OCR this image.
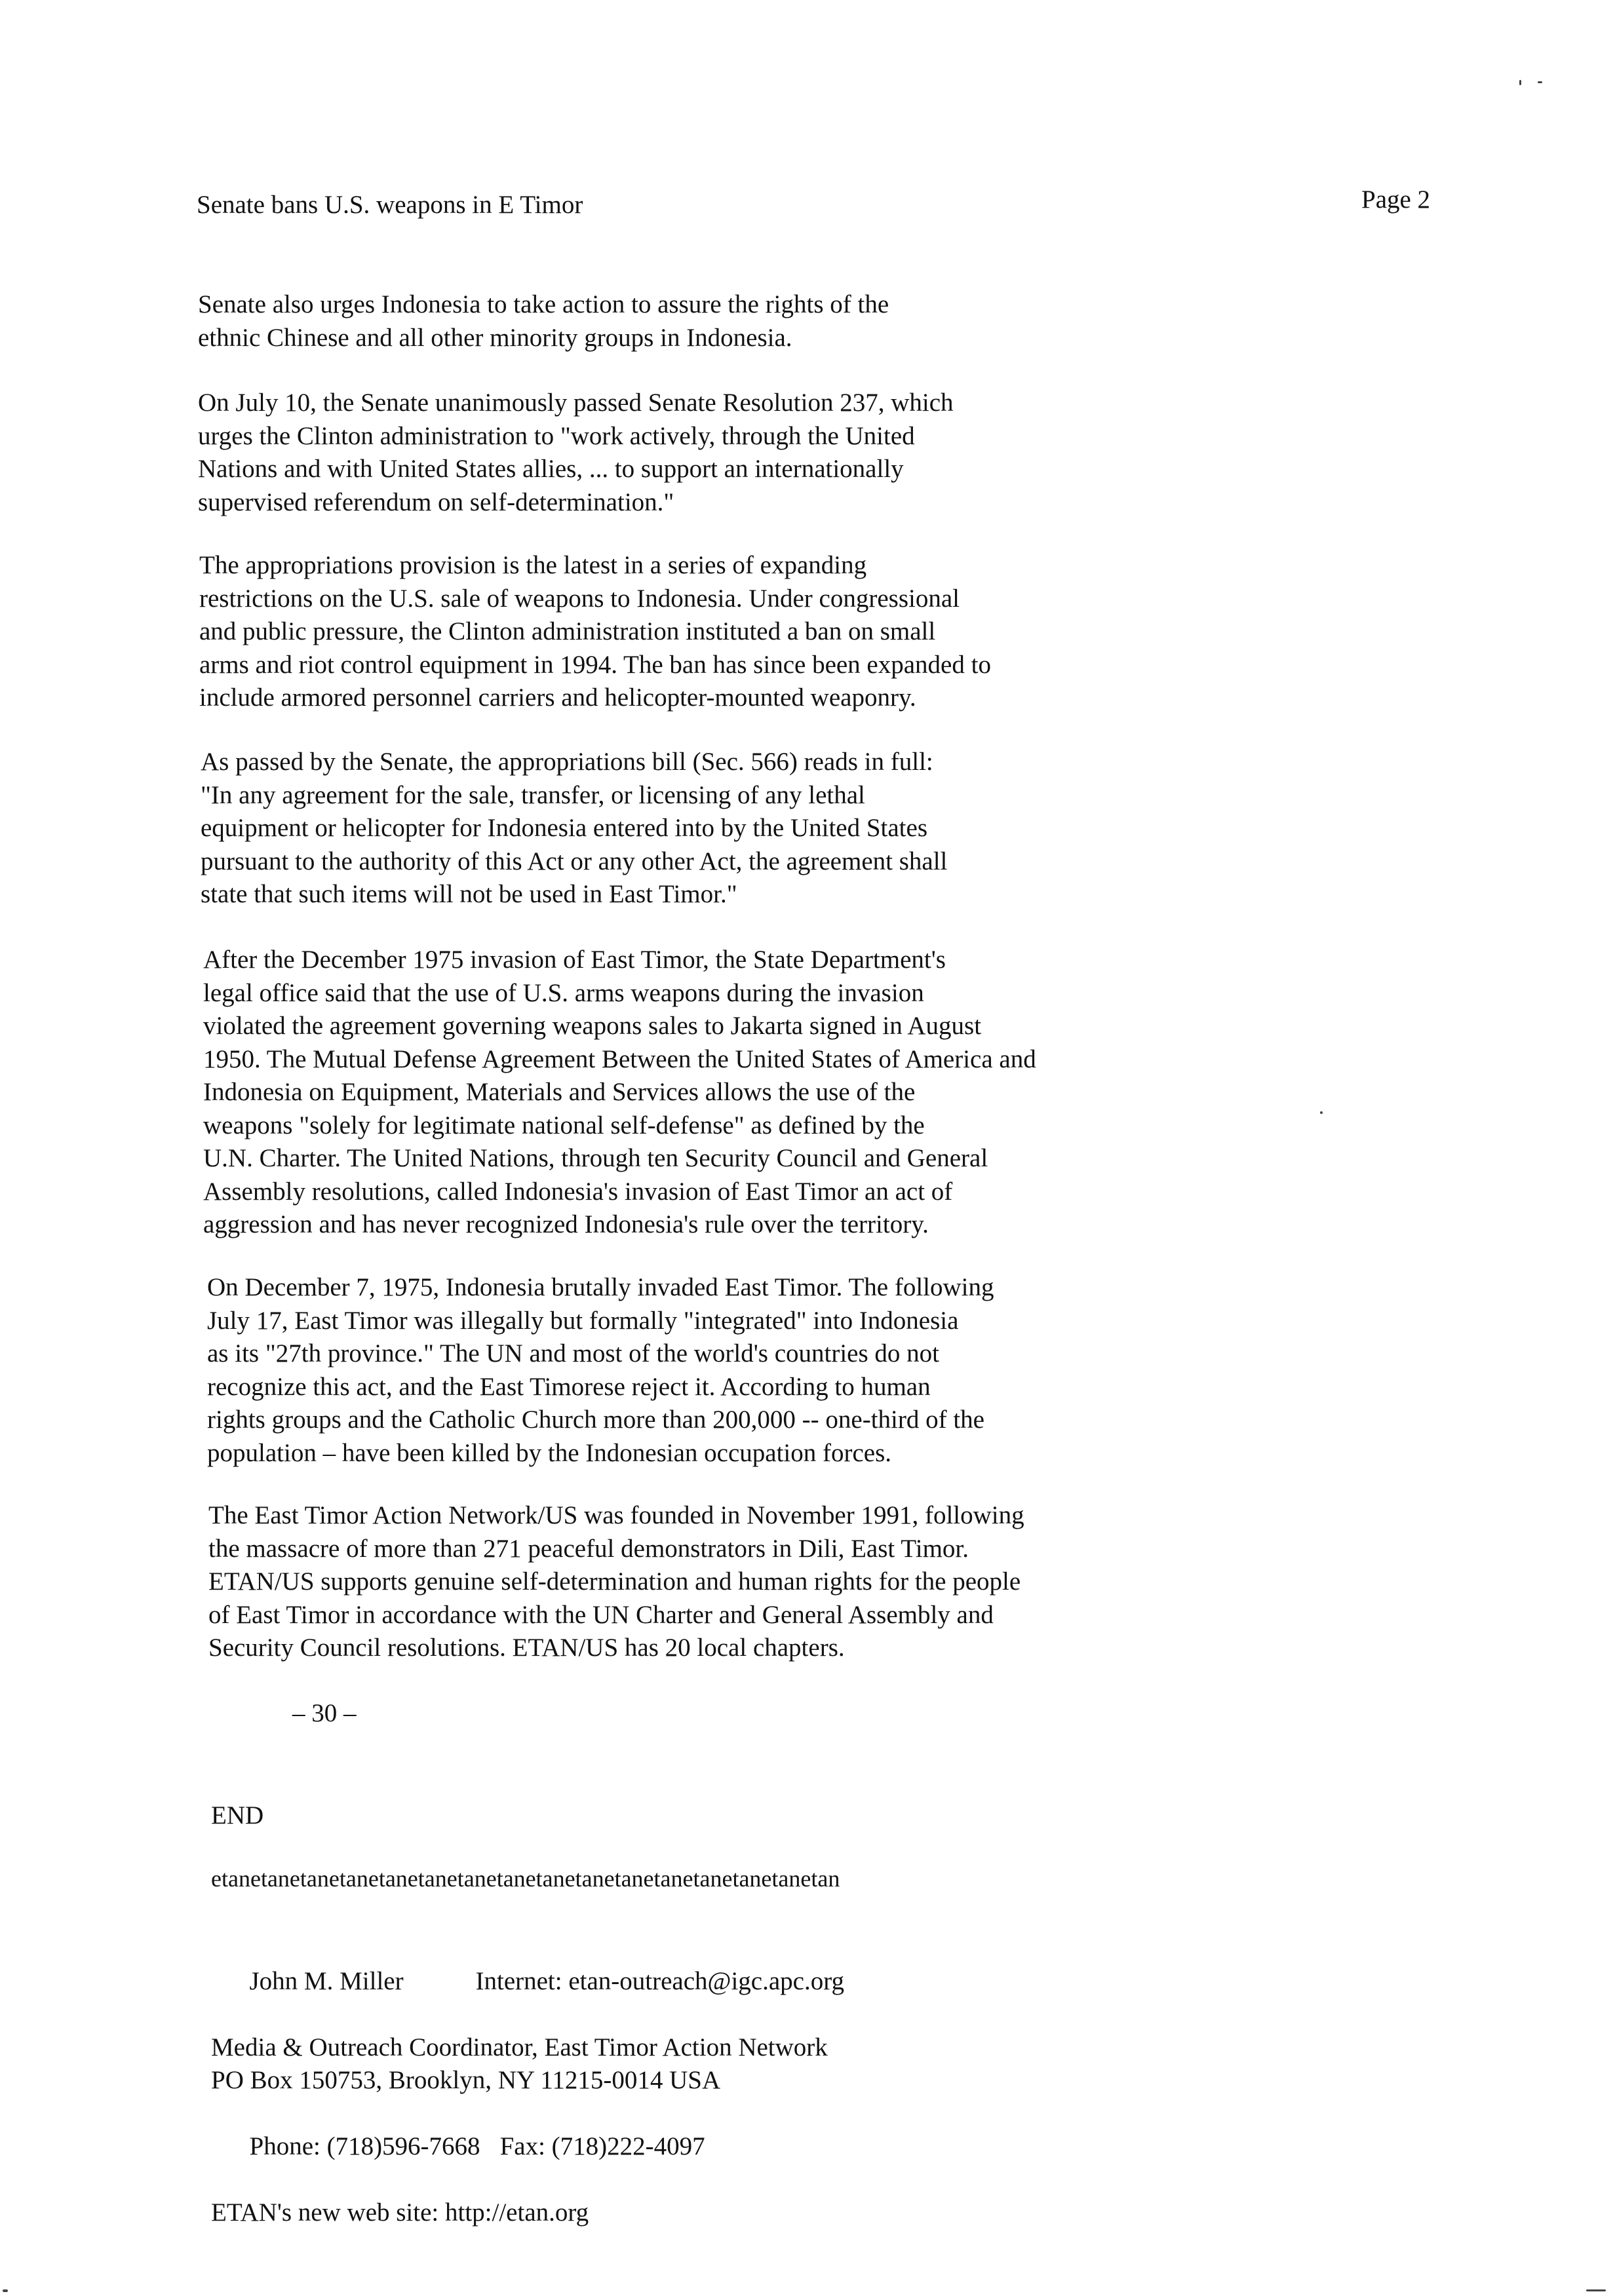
Senate bans U.S. weapons in E Timor	Page 2

Senate also urges Indonesia to take action to assure the rights of the
ethnic Chinese and all other minority groups in Indonesia.

On July 10, the Senate unanimously passed Senate Resolution 237, which
urges the Clinton administration to "work actively, through the United
Nations and with United States allies, ... to support an internationally
supervised referendum on self-determination."

The appropriations provision is the latest in a series of expanding
restrictions on the U.S. sale of weapons to Indonesia. Under congressional
and public pressure, the Clinton administration instituted a ban on small
arms and riot control equipment in 1994. The ban has since been expanded to
include armored personnel carriers and helicopter-mounted weaponry.

As passed by the Senate, the appropriations bill (Sec. 566) reads in full:
"In any agreement for the sale, transfer, or licensing of any lethal
equipment or helicopter for Indonesia entered into by the United States
pursuant to the authority of this Act or any other Act, the agreement shall
state that such items will not be used in East Timor."

After the December 1975 invasion of East Timor, the State Department's
legal office said that the use of U.S. arms weapons during the invasion
violated the agreement governing weapons sales to Jakarta signed in August
1950. The Mutual Defense Agreement Between the United States of America and
Indonesia on Equipment, Materials and Services allows the use of the
weapons "solely for legitimate national self-defense" as defined by the
U.N. Charter. The United Nations, through ten Security Council and General
Assembly resolutions, called Indonesia's invasion of East Timor an act of
aggression and has never recognized Indonesia's rule over the territory.

On December 7, 1975, Indonesia brutally invaded East Timor. The following
July 17, East Timor was illegally but formally "integrated" into Indonesia
as its "27th province." The UN and most of the world's countries do not
recognize this act, and the East Timorese reject it. According to human
rights groups and the Catholic Church more than 200,000 -- one-third of the
population – have been killed by the Indonesian occupation forces.

The East Timor Action Network/US was founded in November 1991, following
the massacre of more than 271 peaceful demonstrators in Dili, East Timor.
ETAN/US supports genuine self-determination and human rights for the people
of East Timor in accordance with the UN Charter and General Assembly and
Security Council resolutions. ETAN/US has 20 local chapters.

– 30 –
END
etanetanetanetanetanetanetanetanetanetanetanetanetanetanetanetan

John M. Miller	Internet: etan-outreach@igc.apc.org

Media & Outreach Coordinator, East Timor Action Network
PO Box 150753, Brooklyn, NY 11215-0014 USA

Phone: (718)596-7668 Fax: (718)222-4097

ETAN's new web site: http://etan.org
